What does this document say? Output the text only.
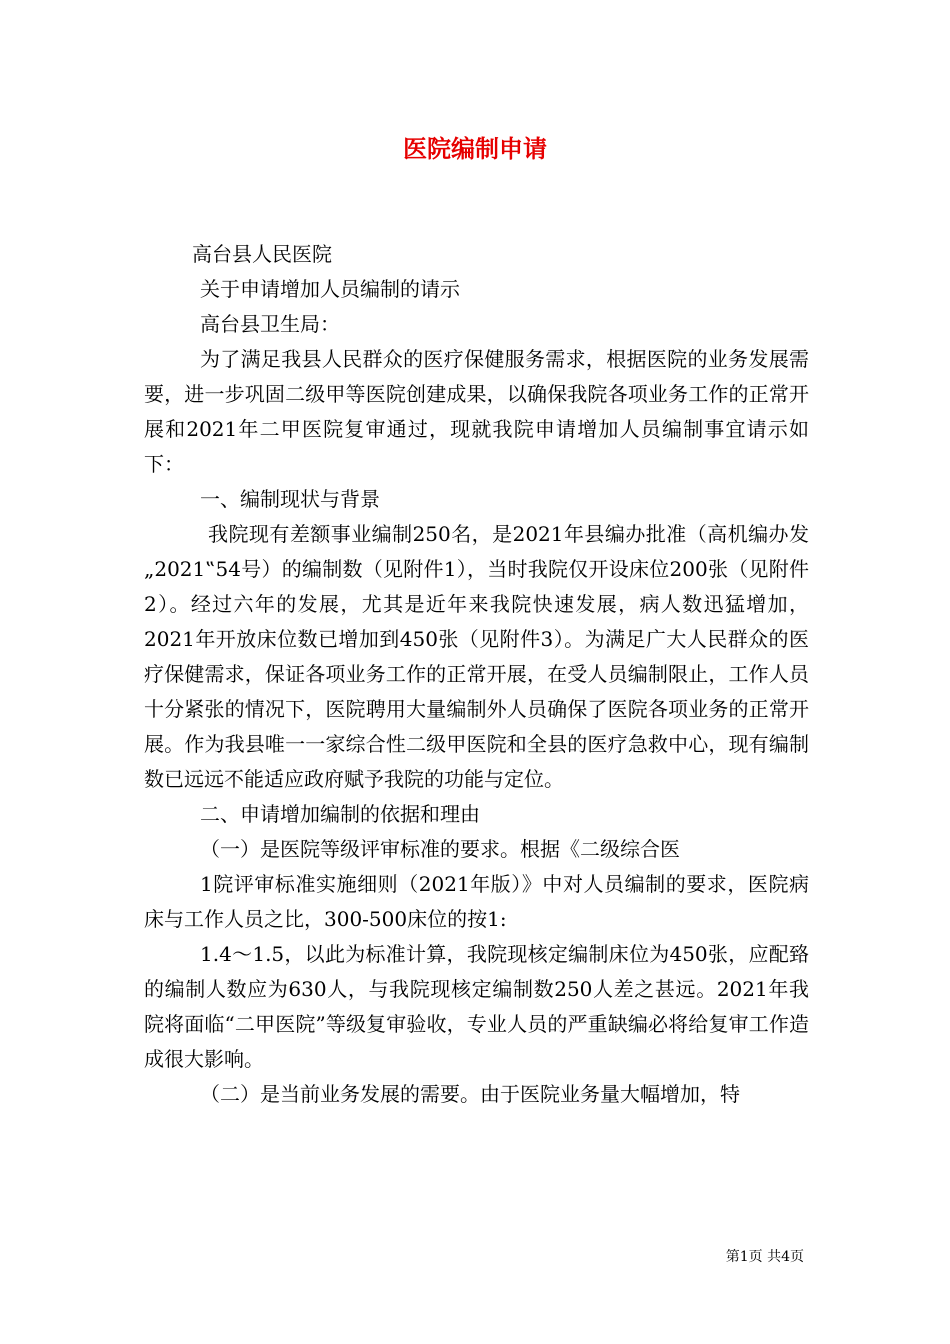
医院编制申请

高台县人民医院

关于申请增加人员编制的请示

高台县卫生局：

为了满足我县人民群众的医疗保健服务需求，根据医院的业务发展需要，进一步巩固二级甲等医院创建成果，以确保我院各项业务工作的正常开展和2021年二甲医院复审通过，现就我院申请增加人员编制事宜请示如下：

一、编制现状与背景

我院现有差额事业编制250名，是2021年县编办批准（高机编办发„2021‟54号）的编制数（见附件1），当时我院仅开设床位200张（见附件2）。经过六年的发展，尤其是近年来我院快速发展，病人数迅猛增加，2021年开放床位数已增加到450张（见附件3）。为满足广大人民群众的医疗保健需求，保证各项业务工作的正常开展，在受人员编制限止，工作人员十分紧张的情况下，医院聘用大量编制外人员确保了医院各项业务的正常开展。作为我县唯一一家综合性二级甲医院和全县的医疗急救中心，现有编制数已远远不能适应政府赋予我院的功能与定位。

二、申请增加编制的依据和理由

（一）是医院等级评审标准的要求。根据《二级综合医

1院评审标准实施细则（2021年版）》中对人员编制的要求，医院病床与工作人员之比，300-500床位的按1:

1.4～1.5，以此为标准计算，我院现核定编制床位为450张，应配臵的编制人数应为630人，与我院现核定编制数250人差之甚远。2021年我院将面临“二甲医院”等级复审验收，专业人员的严重缺编必将给复审工作造成很大影响。

（二）是当前业务发展的需要。由于医院业务量大幅增加，特

第1页 共4页
